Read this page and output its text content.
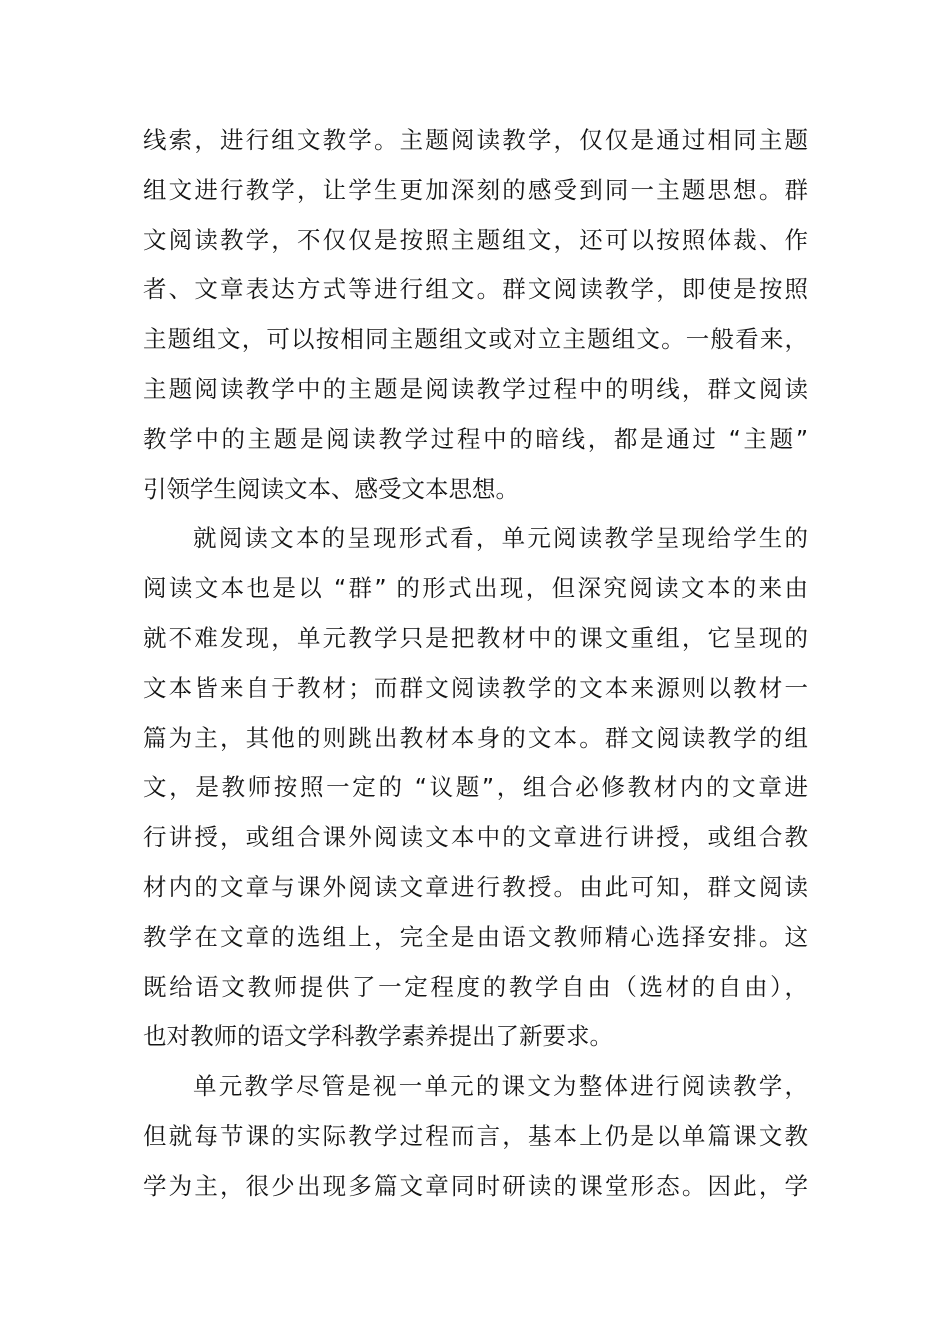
线索，进行组文教学。主题阅读教学，仅仅是通过相同主题
组文进行教学，让学生更加深刻的感受到同一主题思想。群
文阅读教学，不仅仅是按照主题组文，还可以按照体裁、作
者、文章表达方式等进行组文。群文阅读教学，即使是按照
主题组文，可以按相同主题组文或对立主题组文。一般看来，
主题阅读教学中的主题是阅读教学过程中的明线，群文阅读
教学中的主题是阅读教学过程中的暗线，都是通过 “主题”
引领学生阅读文本、感受文本思想。
就阅读文本的呈现形式看，单元阅读教学呈现给学生的
阅读文本也是以 “群” 的形式出现，但深究阅读文本的来由
就不难发现，单元教学只是把教材中的课文重组，它呈现的
文本皆来自于教材；而群文阅读教学的文本来源则以教材一
篇为主，其他的则跳出教材本身的文本。群文阅读教学的组
文，是教师按照一定的 “议题”，组合必修教材内的文章进
行讲授，或组合课外阅读文本中的文章进行讲授，或组合教
材内的文章与课外阅读文章进行教授。由此可知，群文阅读
教学在文章的选组上，完全是由语文教师精心选择安排。这
既给语文教师提供了一定程度的教学自由（选材的自由），
也对教师的语文学科教学素养提出了新要求。
单元教学尽管是视一单元的课文为整体进行阅读教学，
但就每节课的实际教学过程而言，基本上仍是以单篇课文教
学为主，很少出现多篇文章同时研读的课堂形态。因此，学
